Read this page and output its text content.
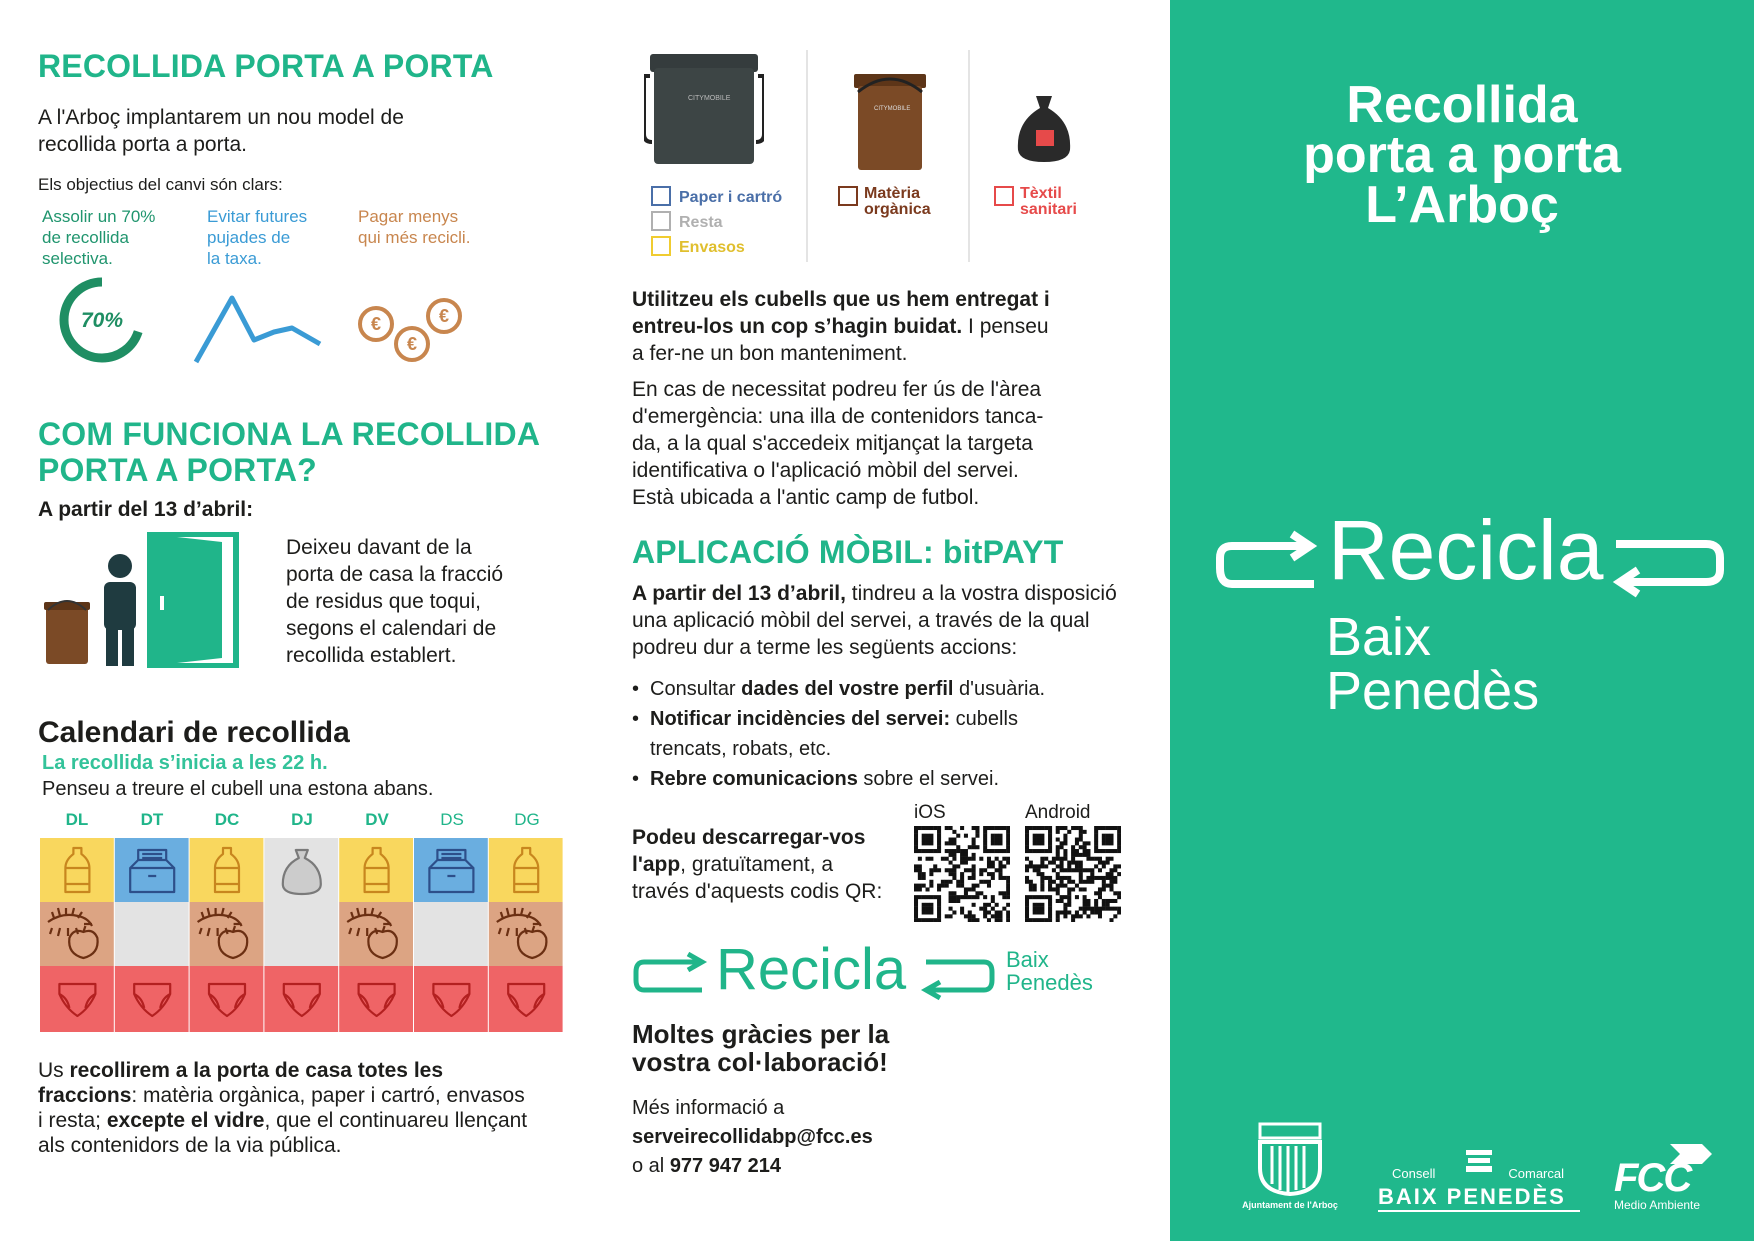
RECOLLIDA PORTA A PORTA
A l'Arboç implantarem un nou model de
recollida porta a porta.
Els objectius del canvi són clars:
Assolir un 70%
de recollida
selectiva.
Evitar futures
pujades de
la taxa.
Pagar menys
qui més recicli.
70%	€
€
€
COM FUNCIONA LA RECOLLIDA
PORTA A PORTA?
A partir del 13 d’abril:
Deixeu davant de la
porta de casa la fracció
de residus que toqui,
segons el calendari de
recollida establert.
Calendari de recollida
La recollida s’inicia a les 22 h.
Penseu a treure el cubell una estona abans.
DL	DT	DC	DJ	DV	DS	DG
Us recollirem a la porta de casa totes les
fraccions: matèria orgànica, paper i cartró, envasos
i resta; excepte el vidre, que el continuareu llençant
als contenidors de la via pública.
CITYMOBILE
CITYMOBILE
Paper i cartró
Resta
Envasos
Matèria
orgànica
Tèxtil
sanitari
Utilitzeu els cubells que us hem entregat i
entreu-los un cop s’hagin buidat. I penseu
a fer-ne un bon manteniment.
En cas de necessitat podreu fer ús de l'àrea
d'emergència: una illa de contenidors tanca-
da, a la qual s'accedeix mitjançat la targeta
identificativa o l'aplicació mòbil del servei.
Està ubicada a l'antic camp de futbol.
APLICACIÓ MÒBIL: bitPAYT
A partir del 13 d’abril, tindreu a la vostra disposició
una aplicació mòbil del servei, a través de la qual
podreu dur a terme les següents accions:
• Consultar dades del vostre perfil d'usuària.
• Notificar incidències del servei: cubells
trencats, robats, etc.
• Rebre comunicacions sobre el servei.
iOS	Android
Podeu descarregar-vos
l'app, gratuïtament, a
través d'aquests codis QR:
Recicla	Baix
Penedès
Moltes gràcies per la
vostra col·laboració!
Més informació a
serveirecollidabp@fcc.es
o al 977 947 214
Recollida
porta a porta
L’Arboç
Recicla
Baix
Penedès
Ajuntament de l'Arboç
Consell	Comarcal
BAIX PENEDÈS FCC
Medio Ambiente
